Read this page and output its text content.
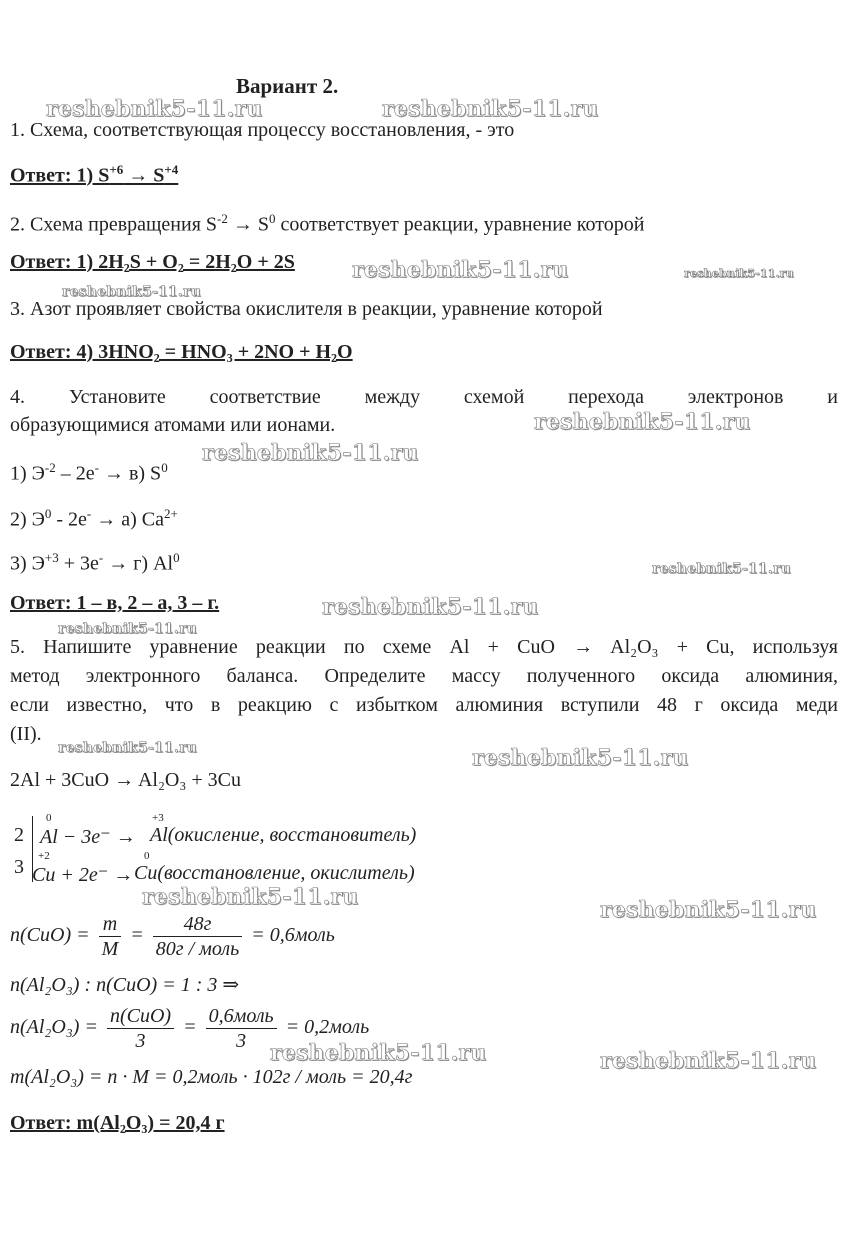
Вариант 2.
reshebnik5-11.ru	reshebnik5-11.ru
reshebnik5-11.ru	reshebnik5-11.ru
reshebnik5-11.ru
reshebnik5-11.ru
reshebnik5-11.ru
reshebnik5-11.ru
reshebnik5-11.ru
reshebnik5-11.ru
reshebnik5-11.ru	reshebnik5-11.ru
reshebnik5-11.ru	reshebnik5-11.ru
reshebnik5-11.ru	reshebnik5-11.ru
1. Схема, соответствующая процессу восстановления, - это
Ответ: 1) $S^{+6} \to S^{+4}$
2. Схема превращения $S^{-2} \to S^0$ соответствует реакции, уравнение которой
Ответ: 1) 2H₂S + O₂ = 2H₂O + 2S
3. Азот проявляет свойства окислителя в реакции, уравнение которой
Ответ: 4) 3HNO₂ = HNO₃ + 2NO + H₂O
4. Установите соответствие между схемой перехода электронов и
образующимися атомами или ионами.
1) $Э^{-2} - 2e^- \to в$) $S^0$
2) $Э^0 - 2e^- \to а$) $Ca^{2+}$
3) $Э^{+3} + 3e^- \to г$) Al$^0$
Ответ: 1 – в, 2 – а, 3 – г.
5. Напишите уравнение реакции по схеме Al + CuO → Al₂O₃ + Cu, используя
метод электронного баланса. Определите массу полученного оксида алюминия,
если известно, что в реакцию с избытком алюминия вступили 48 г оксида меди
(II).
2Al + 3CuO → Al₂O₃ + 3Cu
2
0
Al − 3e⁻ →
+3
Al(окисление, восстановитель)
3 +2
Cu + 2e⁻ →
0
Cu(восстановление, окислитель)
$n(CuO) = \frac{m}{M} = \frac{48г}{\text{80г / моль}}$ = 0,6моль
n(Al₂O₃) : n(CuO) = 1 : 3 ⇒
$n(Al_2O_3) = \frac{\text{n(CuO)}}{3} = \frac{\text{0,6моль}}{3}$ = 0,2моль
m(Al₂O₃) = n · M = 0,2моль · 102г / моль = 20,4г
Ответ: m(Al₂O₃) = 20,4 г
